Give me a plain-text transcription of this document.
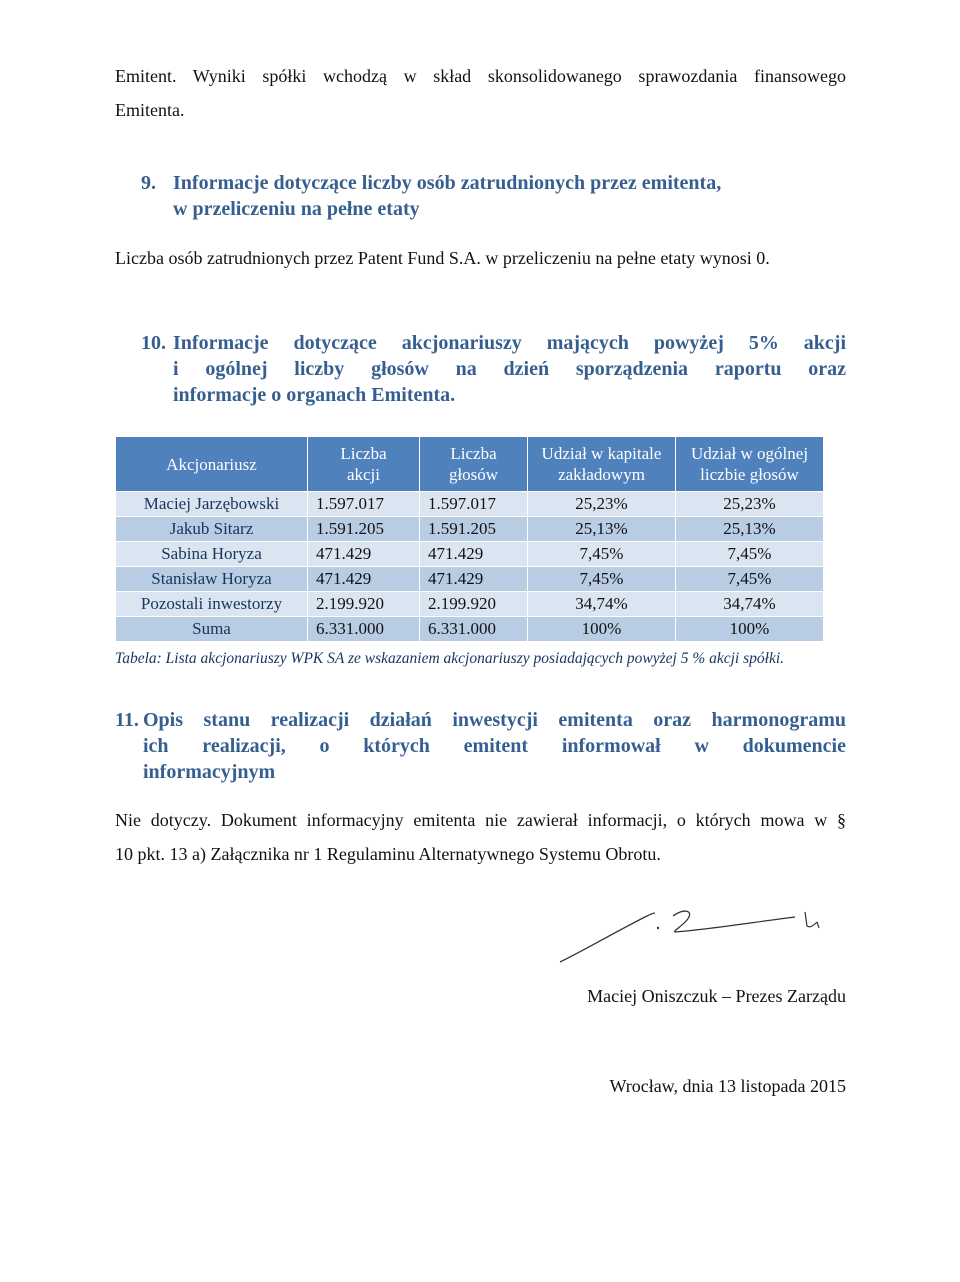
Emitent. Wyniki spółki wchodzą w skład skonsolidowanego sprawozdania finansowego
Emitenta.
9. Informacje dotyczące liczby osób zatrudnionych przez emitenta,
w przeliczeniu na pełne etaty
Liczba osób zatrudnionych przez Patent Fund S.A. w przeliczeniu na pełne etaty wynosi 0.
10. Informacje dotyczące akcjonariuszy mających powyżej 5% akcji
i ogólnej liczby głosów na dzień sporządzenia raportu oraz
informacje o organach Emitenta.
Akcjonariusz	Liczba akcji	Liczba głosów	Udział w kapitale zakładowym	Udział w ogólnej liczbie głosów
Maciej Jarzębowski	1.597.017	1.597.017	25,23%	25,23%
Jakub Sitarz	1.591.205	1.591.205	25,13%	25,13%
Sabina Horyza	471.429	471.429	7,45%	7,45%
Stanisław Horyza	471.429	471.429	7,45%	7,45%
Pozostali inwestorzy	2.199.920	2.199.920	34,74%	34,74%
Suma	6.331.000	6.331.000	100%	100%
Tabela: Lista akcjonariuszy WPK SA ze wskazaniem akcjonariuszy posiadających powyżej 5 % akcji spółki.
11. Opis stanu realizacji działań inwestycji emitenta oraz harmonogramu
ich realizacji, o których emitent informował w dokumencie
informacyjnym
Nie dotyczy. Dokument informacyjny emitenta nie zawierał informacji, o których mowa w §
10 pkt. 13 a) Załącznika nr 1 Regulaminu Alternatywnego Systemu Obrotu.
Maciej Oniszczuk – Prezes Zarządu
Wrocław, dnia 13 listopada 2015
